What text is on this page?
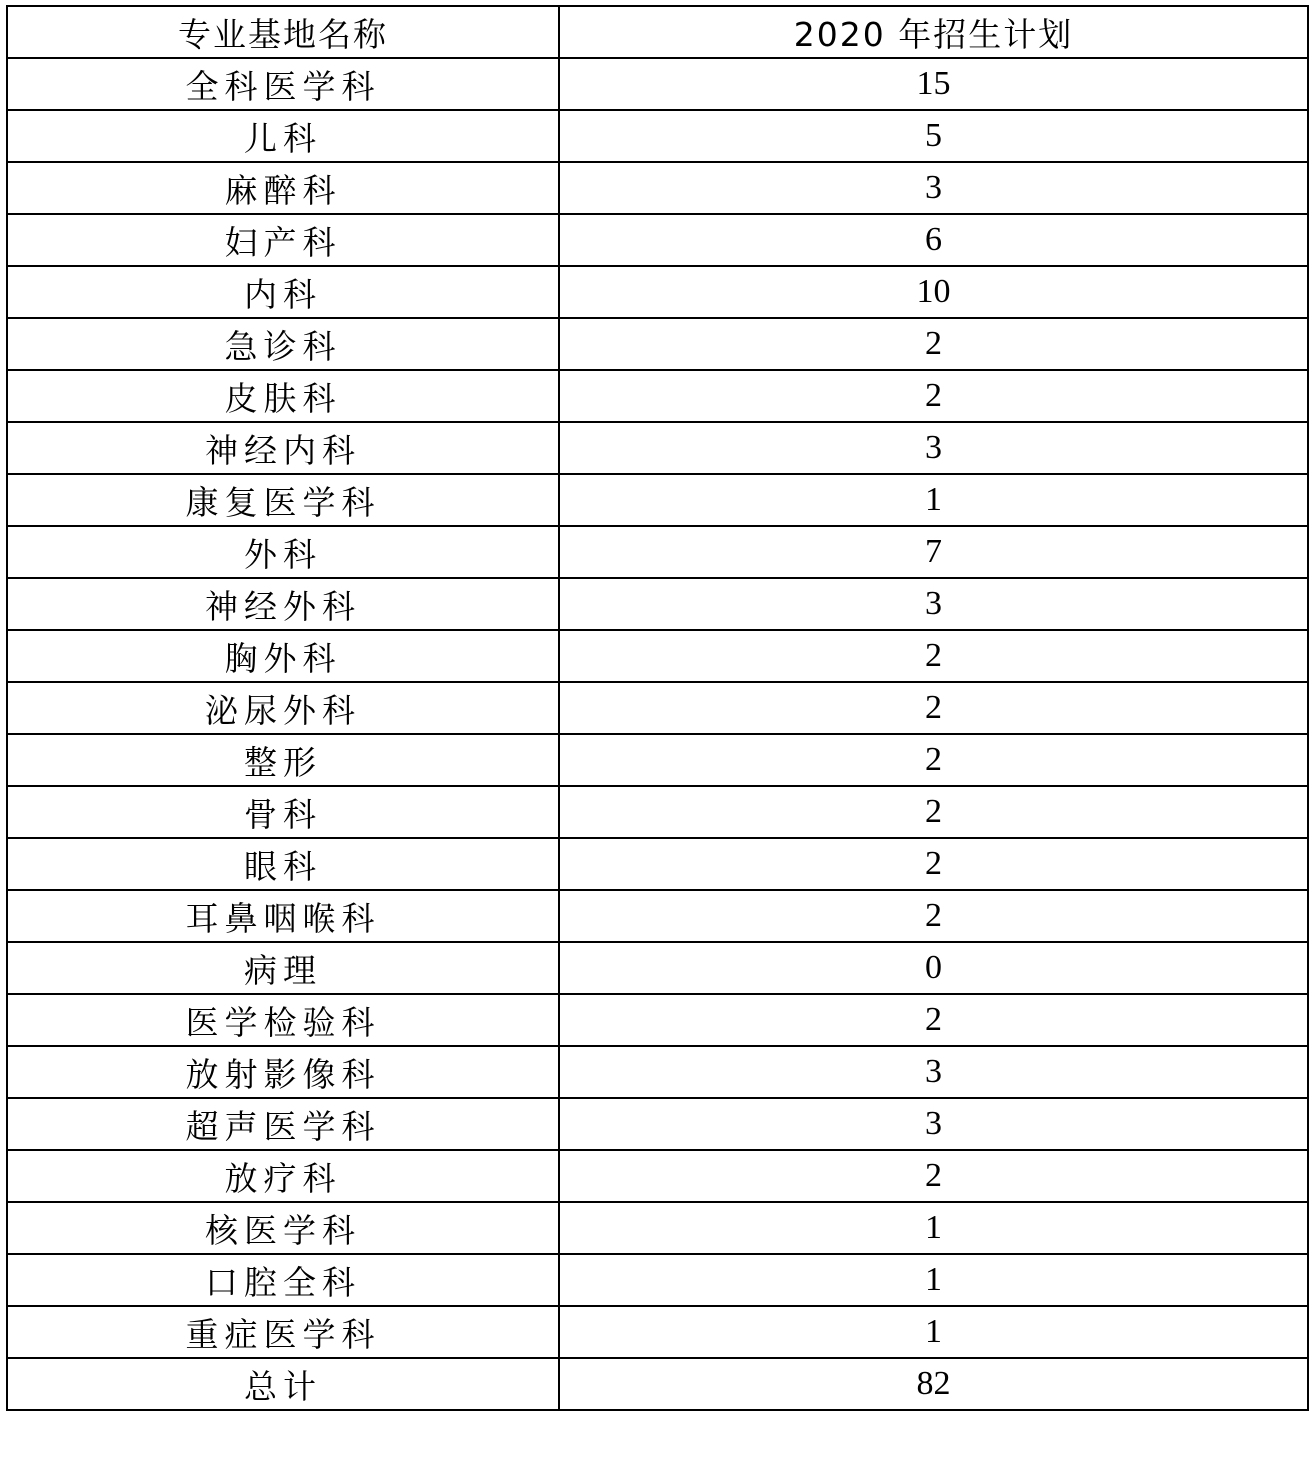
专业基地名称	2020 年招生计划
全科医学科	15
儿科	5
麻醉科	3
妇产科	6
内科	10
急诊科	2
皮肤科	2
神经内科	3
康复医学科	1
外科	7
神经外科	3
胸外科	2
泌尿外科	2
整形	2
骨科	2
眼科	2
耳鼻咽喉科	2
病理	0
医学检验科	2
放射影像科	3
超声医学科	3
放疗科	2
核医学科	1
口腔全科	1
重症医学科	1
总计	82
